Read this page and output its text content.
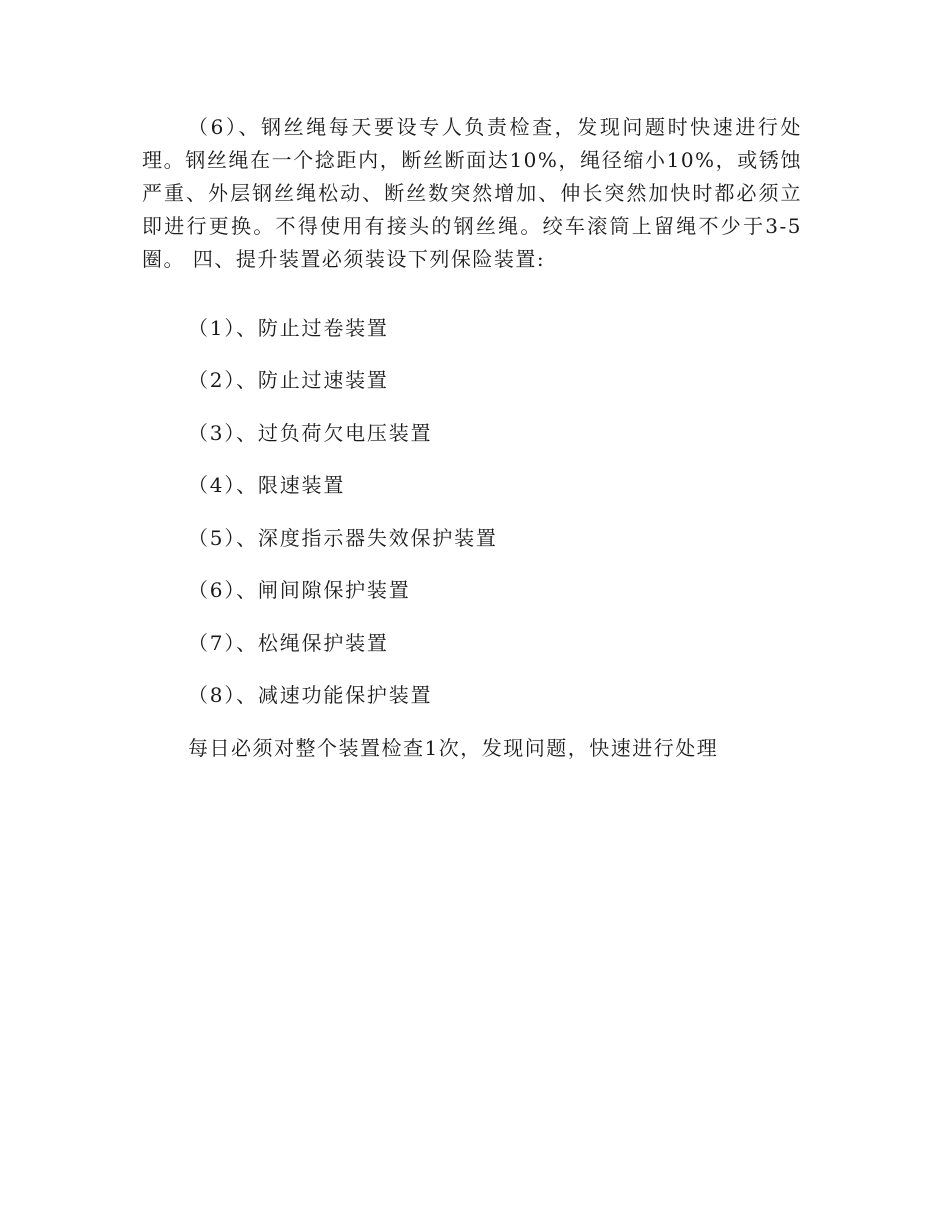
（6）、钢丝绳每天要设专人负责检查，发现问题时快速进行处理。钢丝绳在一个捻距内，断丝断面达10%，绳径缩小10%，或锈蚀严重、外层钢丝绳松动、断丝数突然增加、伸长突然加快时都必须立即进行更换。不得使用有接头的钢丝绳。绞车滚筒上留绳不少于3-5圈。 四、提升装置必须装设下列保险装置:

（1）、防止过卷装置

（2）、防止过速装置

（3）、过负荷欠电压装置

（4）、限速装置

（5）、深度指示器失效保护装置

（6）、闸间隙保护装置

（7）、松绳保护装置

（8）、减速功能保护装置

每日必须对整个装置检查1次，发现问题，快速进行处理
